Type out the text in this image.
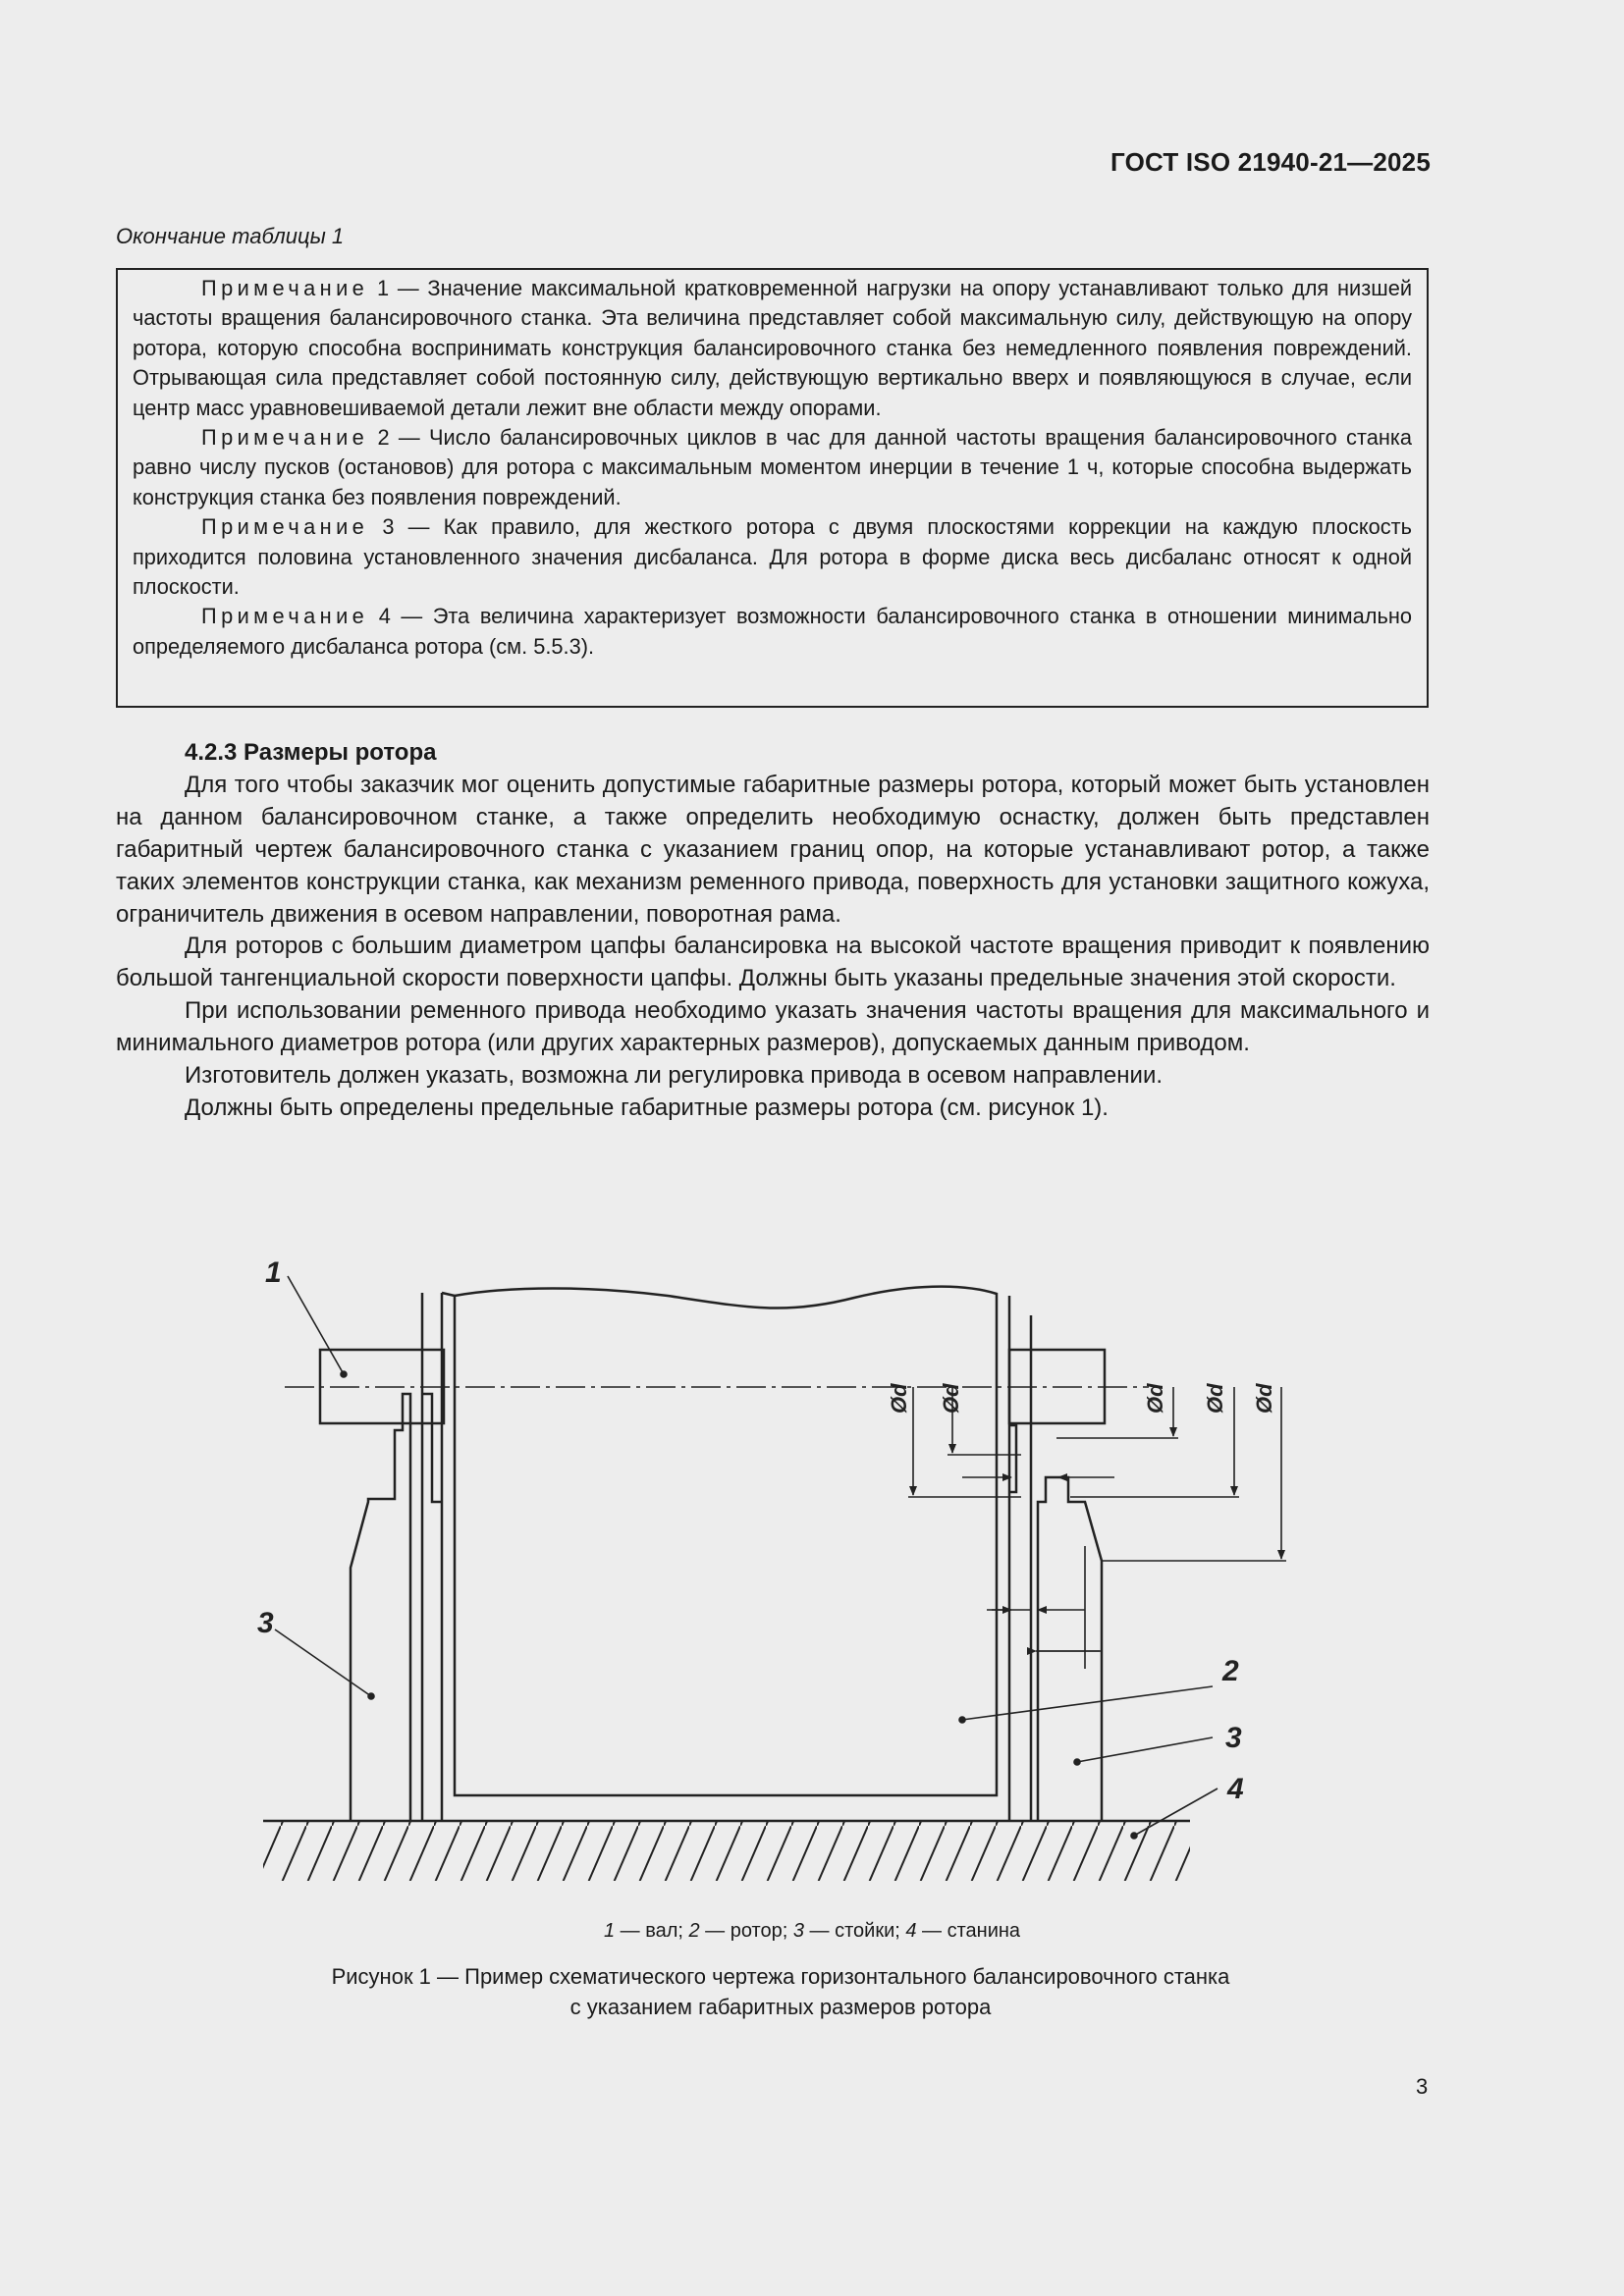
ГОСТ ISO 21940-21—2025
Окончание таблицы 1

Примечание 1 — Значение максимальной кратковременной нагрузки на опору устанавливают только для низшей частоты вращения балансировочного станка. Эта величина представляет собой максимальную силу, действующую на опору ротора, которую способна воспринимать конструкция балансировочного станка без немедленного появления повреждений. Отрывающая сила представляет собой постоянную силу, действующую вертикально вверх и появляющуюся в случае, если центр масс уравновешиваемой детали лежит вне области между опорами.

Примечание 2 — Число балансировочных циклов в час для данной частоты вращения балансировочного станка равно числу пусков (остановов) для ротора с максимальным моментом инерции в течение 1 ч, которые способна выдержать конструкция станка без появления повреждений.

Примечание 3 — Как правило, для жесткого ротора с двумя плоскостями коррекции на каждую плоскость приходится половина установленного значения дисбаланса. Для ротора в форме диска весь дисбаланс относят к одной плоскости.

Примечание 4 — Эта величина характеризует возможности балансировочного станка в отношении минимально определяемого дисбаланса ротора (см. 5.5.3).

4.2.3 Размеры ротора

Для того чтобы заказчик мог оценить допустимые габаритные размеры ротора, который может быть установлен на данном балансировочном станке, а также определить необходимую оснастку, должен быть представлен габаритный чертеж балансировочного станка с указанием границ опор, на которые устанавливают ротор, а также таких элементов конструкции станка, как механизм ременного привода, поверхность для установки защитного кожуха, ограничитель движения в осевом направлении, поворотная рама.

Для роторов с большим диаметром цапфы балансировка на высокой частоте вращения приводит к появлению большой тангенциальной скорости поверхности цапфы. Должны быть указаны предельные значения этой скорости.

При использовании ременного привода необходимо указать значения частоты вращения для максимального и минимального диаметров ротора (или других характерных размеров), допускаемых данным приводом.

Изготовитель должен указать, возможна ли регулировка привода в осевом направлении.

Должны быть определены предельные габаритные размеры ротора (см. рисунок 1).

Ød Ød	Ød Ød Ød
1
2
3
3
4
1 — вал; 2 — ротор; 3 — стойки; 4 — станина
Рисунок 1 — Пример схематического чертежа горизонтального балансировочного станка
с указанием габаритных размеров ротора
3
